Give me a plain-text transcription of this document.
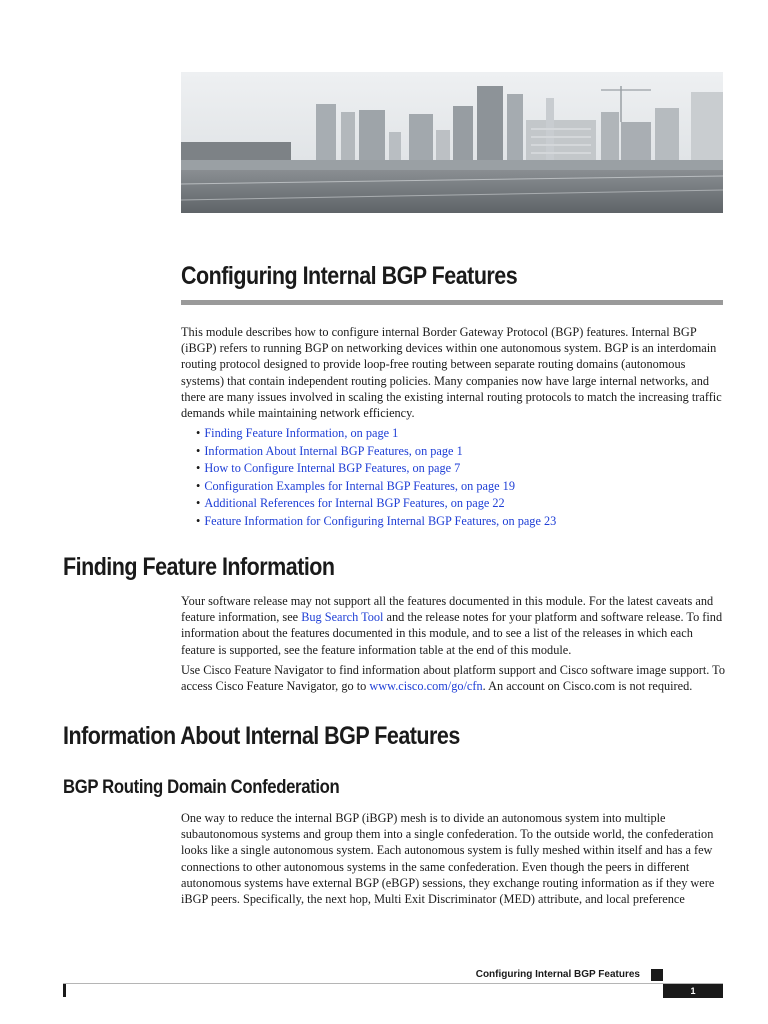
Configuring Internal BGP Features

This module describes how to configure internal Border Gateway Protocol (BGP) features. Internal BGP (iBGP) refers to running BGP on networking devices within one autonomous system. BGP is an interdomain routing protocol designed to provide loop-free routing between separate routing domains (autonomous systems) that contain independent routing policies. Many companies now have large internal networks, and there are many issues involved in scaling the existing internal routing protocols to match the increasing traffic demands while maintaining network efficiency.

• Finding Feature Information, on page 1
• Information About Internal BGP Features, on page 1
• How to Configure Internal BGP Features, on page 7
• Configuration Examples for Internal BGP Features, on page 19
• Additional References for Internal BGP Features, on page 22
• Feature Information for Configuring Internal BGP Features, on page 23
Finding Feature Information

Your software release may not support all the features documented in this module. For the latest caveats and feature information, see Bug Search Tool and the release notes for your platform and software release. To find information about the features documented in this module, and to see a list of the releases in which each feature is supported, see the feature information table at the end of this module.

Use Cisco Feature Navigator to find information about platform support and Cisco software image support. To access Cisco Feature Navigator, go to www.cisco.com/go/cfn. An account on Cisco.com is not required.

Information About Internal BGP Features
BGP Routing Domain Confederation

One way to reduce the internal BGP (iBGP) mesh is to divide an autonomous system into multiple subautonomous systems and group them into a single confederation. To the outside world, the confederation looks like a single autonomous system. Each autonomous system is fully meshed within itself and has a few connections to other autonomous systems in the same confederation. Even though the peers in different autonomous systems have external BGP (eBGP) sessions, they exchange routing information as if they were iBGP peers. Specifically, the next hop, Multi Exit Discriminator (MED) attribute, and local preference

Configuring Internal BGP Features
1
